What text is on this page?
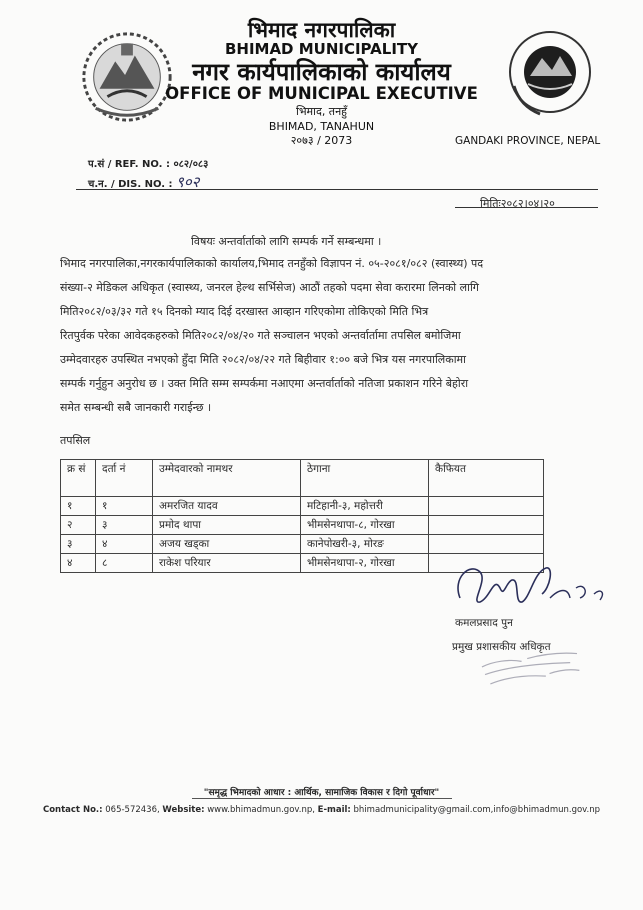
भिमाद नगरपालिका
BHIMAD MUNICIPALITY
नगर कार्यपालिकाको कार्यालय
OFFICE OF MUNICIPAL EXECUTIVE
भिमाद, तनहुँ
BHIMAD, TANAHUN
२०७३ / 2073	GANDAKI PROVINCE, NEPAL
प.सं / REF. NO. : ०८२/०८३
च.न. / DIS. NO. : ९०२
मितिः२०८२।०४।२०
विषयः अन्तर्वार्ताको लागि सम्पर्क गर्ने सम्बन्धमा ।
भिमाद नगरपालिका,नगरकार्यपालिकाको कार्यालय,भिमाद तनहुँको विज्ञापन नं. ०५-२०८१/०८२ (स्वास्थ्य) पद
संख्या-२ मेडिकल अधिकृत (स्वास्थ्य, जनरल हेल्थ सर्भिसेज) आठौं तहको पदमा सेवा करारमा लिनको लागि
मिति२०८२/०३/३२ गते १५ दिनको म्याद दिई दरखास्त आव्हान गरिएकोमा तोकिएको मिति भित्र
रितपुर्वक परेका आवेदकहरुको मिति२०८२/०४/२० गते सञ्चालन भएको अन्तर्वार्तामा तपसिल बमोजिमा
उम्मेदवारहरु उपस्थित नभएको हुँदा मिति २०८२/०४/२२ गते बिहीवार १:०० बजे भित्र यस नगरपालिकामा
सम्पर्क गर्नुहुन अनुरोध छ । उक्त मिति सम्म सम्पर्कमा नआएमा अन्तर्वार्ताको नतिजा प्रकाशन गरिने बेहोरा
समेत सम्बन्धी सबै जानकारी गराईन्छ ।
तपसिल
क्र सं	दर्ता नं	उम्मेदवारको नामथर	ठेगाना	कैफियत
१	१	अमरजित यादव	मटिहानी-३, महोत्तरी	
२	३	प्रमोद थापा	भीमसेनथापा-८, गोरखा	
३	४	अजय खड्का	कानेपोखरी-३, मोरङ	
४	८	राकेश परियार	भीमसेनथापा-२, गोरखा	
कमलप्रसाद पुन
प्रमुख प्रशासकीय अधिकृत
"समृद्ध भिमादको आधार : आर्थिक, सामाजिक विकास र दिगो पूर्वाधार"
Contact No.: 065-572436, Website: www.bhimadmun.gov.np, E-mail: bhimadmunicipality@gmail.com,info@bhimadmun.gov.np
